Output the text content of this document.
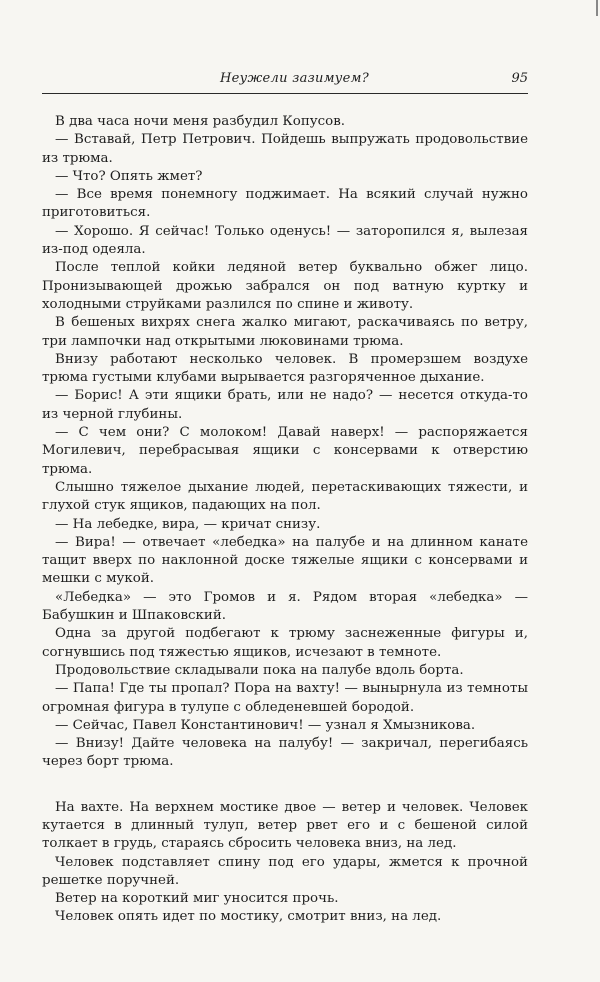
Неужели зазимуем?	95

В два часа ночи меня разбудил Копусов.

— Вставай, Петр Петрович. Пойдешь выпружать продовольствие из трюма.

— Что? Опять жмет?

— Все время понемногу поджимает. На всякий случай нужно приготовиться.

— Хорошо. Я сейчас! Только оденусь! — заторопился я, вылезая из-под одеяла.

После теплой койки ледяной ветер буквально обжег лицо. Пронизывающей дрожью забрался он под ватную куртку и холодными струйками разлился по спине и животу.

В бешеных вихрях снега жалко мигают, раскачиваясь по ветру, три лампочки над открытыми люковинами трюма.

Внизу работают несколько человек. В промерзшем воздухе трюма густыми клубами вырывается разгоряченное дыхание.

— Борис! А эти ящики брать, или не надо? — несется откуда-то из черной глубины.

— С чем они? С молоком! Давай наверх! — распоряжается Могилевич, перебрасывая ящики с консервами к отверстию трюма.

Слышно тяжелое дыхание людей, перетаскивающих тяжести, и глухой стук ящиков, падающих на пол.

— На лебедке, вира, — кричат снизу.

— Вира! — отвечает «лебедка» на палубе и на длинном канате тащит вверх по наклонной доске тяжелые ящики с консервами и мешки с мукой.

«Лебедка» — это Громов и я. Рядом вторая «лебедка» — Бабушкин и Шпаковский.

Одна за другой подбегают к трюму заснеженные фигуры и, согнувшись под тяжестью ящиков, исчезают в темноте.

Продовольствие складывали пока на палубе вдоль борта.

— Папа! Где ты пропал? Пора на вахту! — вынырнула из темноты огромная фигура в тулупе с обледеневшей бородой.

— Сейчас, Павел Константинович! — узнал я Хмызникова.

— Внизу! Дайте человека на палубу! — закричал, перегибаясь через борт трюма.

На вахте. На верхнем мостике двое — ветер и человек. Человек кутается в длинный тулуп, ветер рвет его и с бешеной силой толкает в грудь, стараясь сбросить человека вниз, на лед.

Человек подставляет спину под его удары, жмется к прочной решетке поручней.

Ветер на короткий миг уносится прочь.

Человек опять идет по мостику, смотрит вниз, на лед.
